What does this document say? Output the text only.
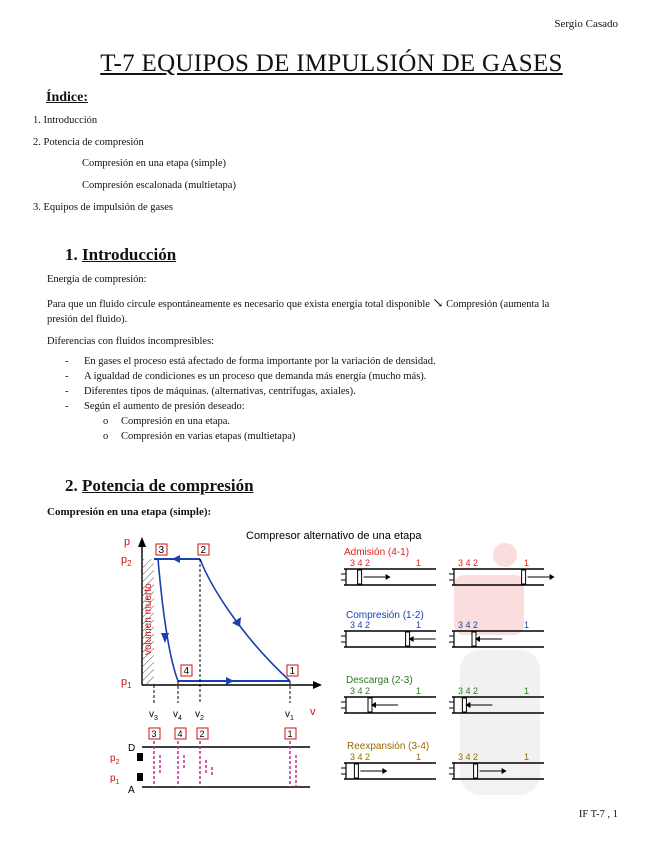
Sergio Casado
T-7 EQUIPOS DE IMPULSIÓN DE GASES
Índice:
1. Introducción
2. Potencia de compresión
Compresión en una etapa (simple)
Compresión escalonada (multietapa)
3. Equipos de impulsión de gases
1. Introducción
Energía de compresión:
Para que un fluido circule espontáneamente es necesario que exista energía total disponible ↘ Compresión (aumenta la
presión del fluido).
Diferencias con fluidos incompresibles:
- En gases el proceso está afectado de forma importante por la variación de densidad.
- A igualdad de condiciones es un proceso que demanda más energía (mucho más).
- Diferentes tipos de máquinas. (alternativas, centrífugas, axiales).
- Según el aumento de presión deseado:
o Compresión en una etapa.
o Compresión en varias etapas (multietapa)
2. Potencia de compresión
Compresión en una etapa (simple):
Compresor alternativo de una etapa
p
v
$p_2$
$p_1$
volumen muerto
3	2
4	1
$v_3$ $v_4$ $v_2$	$v_1$
D
A
$p_2$
$p_1$
3 4 2	1
Admisión (4-1)
Compresión (1-2)
Descarga (2-3)
Reexpansión (3-4)
3 4 2	1	3 4 2	1
3 4 2	1	3 4 2	1
3 4 2	1	3 4 2	1
3 4 2	1	3 4 2	1
IF T-7 , 1
